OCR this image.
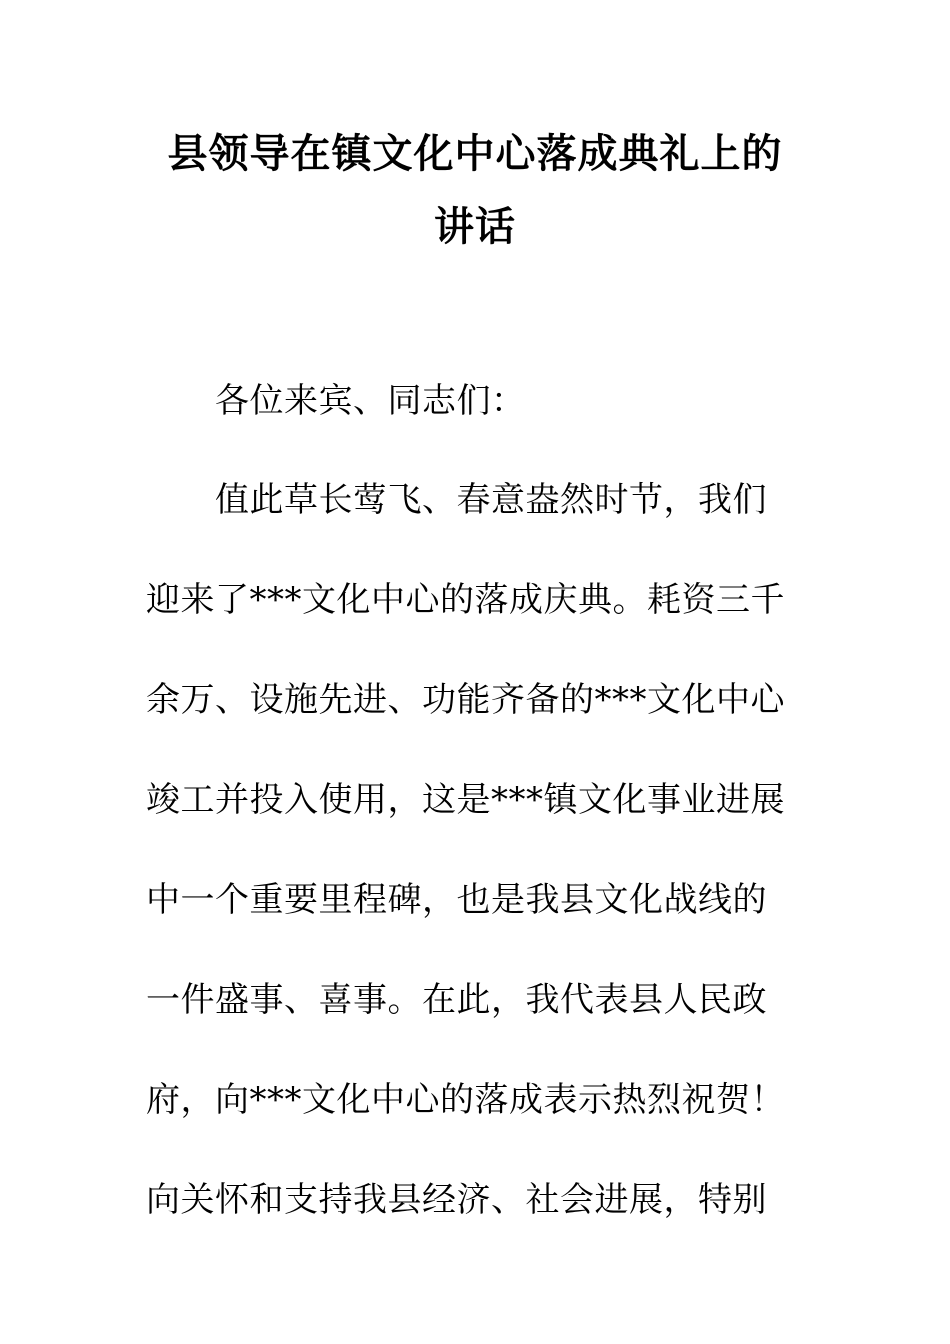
县领导在镇文化中心落成典礼上的
讲话
各位来宾、同志们：
值此草长莺飞、春意盎然时节，我们
迎来了***文化中心的落成庆典。耗资三千
余万、设施先进、功能齐备的***文化中心
竣工并投入使用，这是***镇文化事业进展
中一个重要里程碑，也是我县文化战线的
一件盛事、喜事。在此，我代表县人民政
府，向***文化中心的落成表示热烈祝贺！
向关怀和支持我县经济、社会进展，特别
